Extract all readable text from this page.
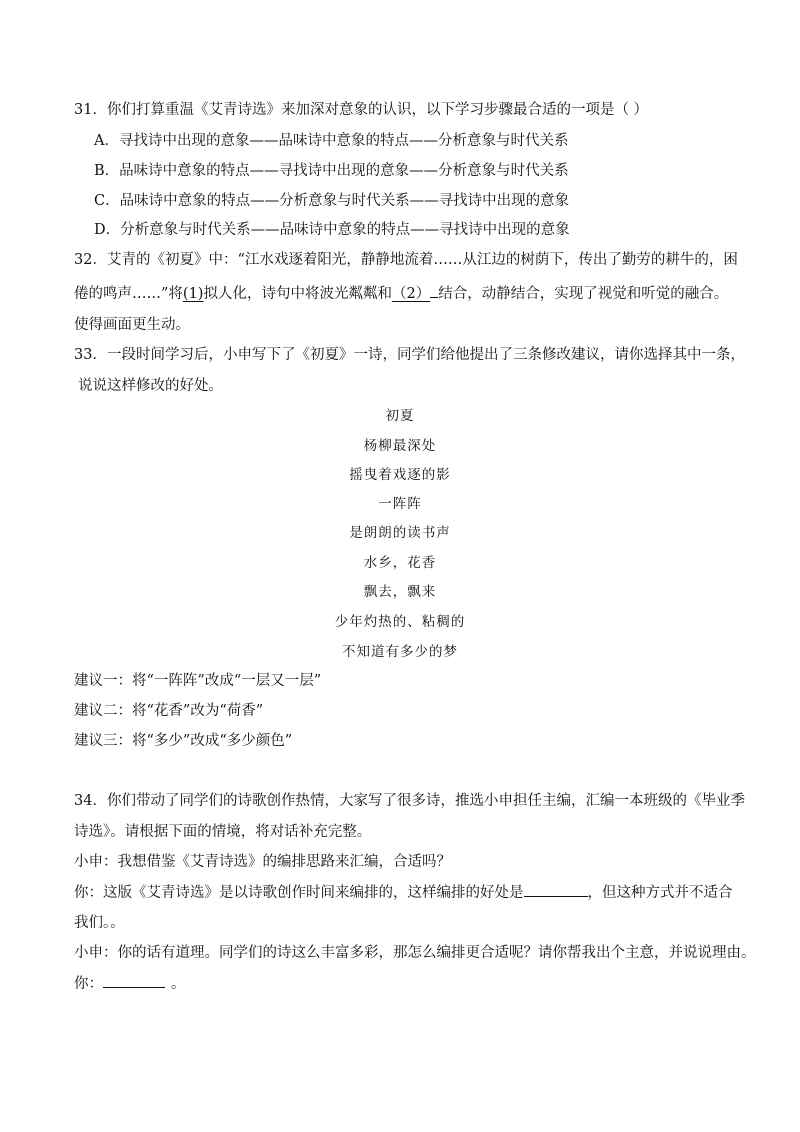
31．你们打算重温《艾青诗选》来加深对意象的认识，以下学习步骤最合适的一项是（ ）
A．寻找诗中出现的意象——品味诗中意象的特点——分析意象与时代关系
B．品味诗中意象的特点——寻找诗中出现的意象——分析意象与时代关系
C．品味诗中意象的特点——分析意象与时代关系——寻找诗中出现的意象
D．分析意象与时代关系——品味诗中意象的特点——寻找诗中出现的意象
32．艾青的《初夏》中：“江水戏逐着阳光，静静地流着……从江边的树荫下，传出了勤劳的耕牛的，困
倦的鸣声……”将(1)拟人化，诗句中将波光粼粼和（2） 结合，动静结合，实现了视觉和听觉的融合。
使得画面更生动。
33．一段时间学习后，小申写下了《初夏》一诗，同学们给他提出了三条修改建议，请你选择其中一条，
说说这样修改的好处。
初夏
杨柳最深处
摇曳着戏逐的影
一阵阵
是朗朗的读书声
水乡，花香
飘去，飘来
少年灼热的、粘稠的
不知道有多少的梦
建议一：将“一阵阵”改成“一层又一层”
建议二：将“花香”改为“荷香”
建议三：将“多少”改成“多少颜色”
34．你们带动了同学们的诗歌创作热情，大家写了很多诗，推选小申担任主编，汇编一本班级的《毕业季
诗选》。请根据下面的情境，将对话补充完整。
小申：我想借鉴《艾青诗选》的编排思路来汇编，合适吗？
你：这版《艾青诗选》是以诗歌创作时间来编排的，这样编排的好处是	，但这种方式并不适合
我们。。
小申：你的话有道理。同学们的诗这么丰富多彩，那怎么编排更合适呢？请你帮我出个主意，并说说理由。
你：	。
